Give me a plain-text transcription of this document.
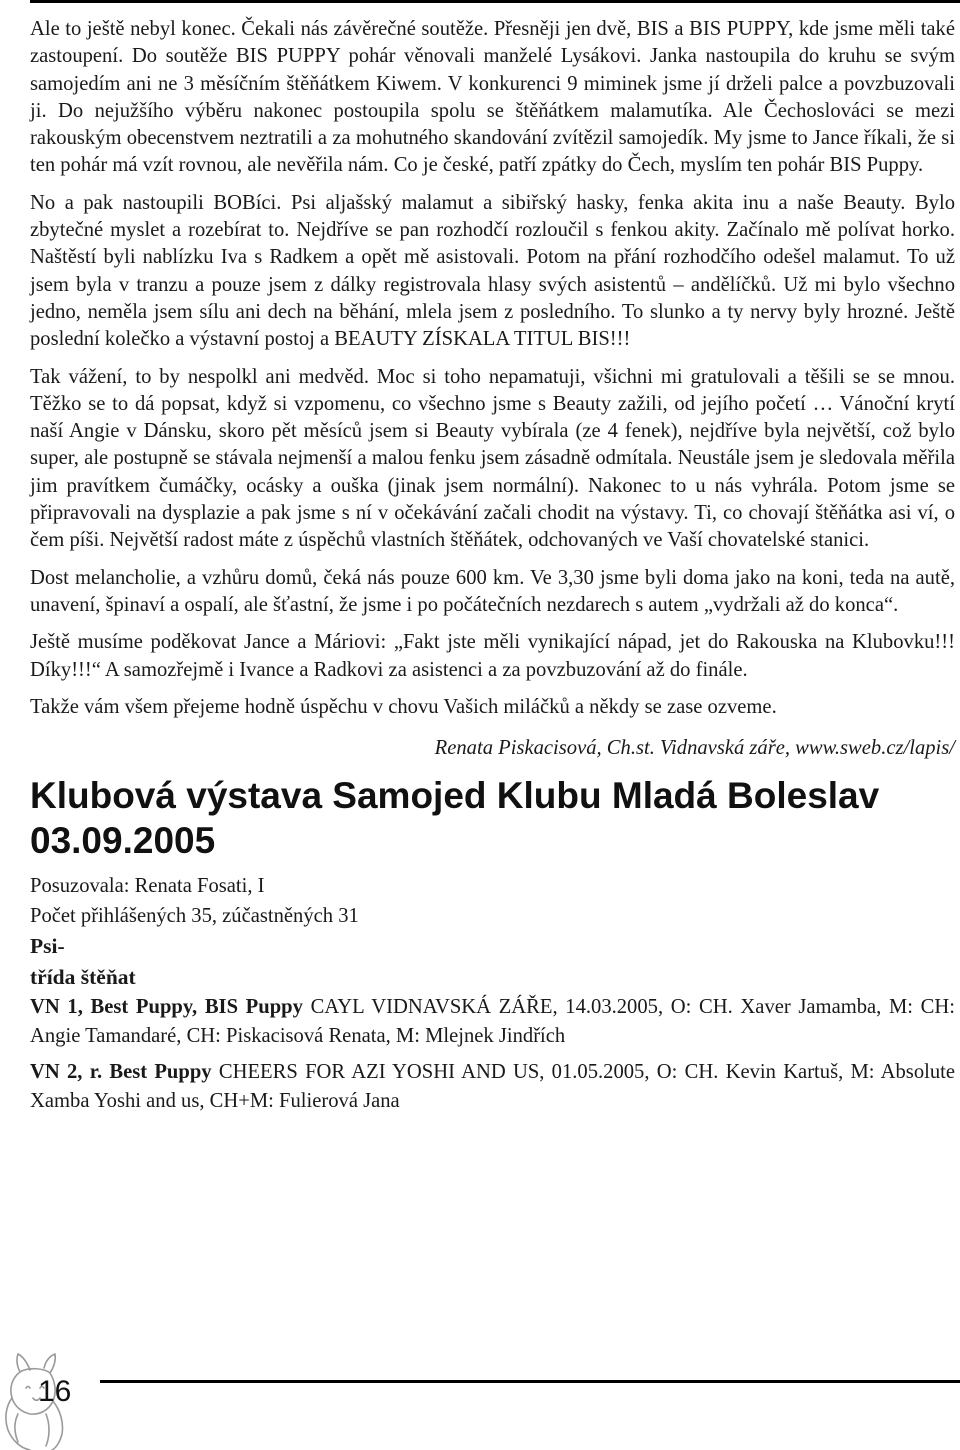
Ale to ještě nebyl konec. Čekali nás závěrečné soutěže. Přesněji jen dvě, BIS a BIS PUPPY, kde jsme měli také zastoupení. Do soutěže BIS PUPPY pohár věnovali manželé Lysákovi. Janka nastoupila do kruhu se svým samojedím ani ne 3 měsíčním štěňátkem Kiwem. V konkurenci 9 miminek jsme jí drželi palce a povzbuzovali ji. Do nejužšího výběru nakonec postoupila spolu se štěňátkem malamutíka. Ale Čechoslováci se mezi rakouským obecenstvem neztratili a za mohutného skandování zvítězil samojedík. My jsme to Jance říkali, že si ten pohár má vzít rovnou, ale nevěřila nám. Co je české, patří zpátky do Čech, myslím ten pohár BIS Puppy.

No a pak nastoupili BOBíci. Psi aljašský malamut a sibiřský hasky, fenka akita inu a naše Beauty. Bylo zbytečné myslet a rozebírat to. Nejdříve se pan rozhodčí rozloučil s fenkou akity. Začínalo mě polívat horko. Naštěstí byli nablízku Iva s Radkem a opět mě asistovali. Potom na přání rozhodčího odešel malamut. To už jsem byla v tranzu a pouze jsem z dálky registrovala hlasy svých asistentů – andělíčků. Už mi bylo všechno jedno, neměla jsem sílu ani dech na běhání, mlela jsem z posledního. To slunko a ty nervy byly hrozné. Ještě poslední kolečko a výstavní postoj a BEAUTY ZÍSKALA TITUL BIS!!!

Tak vážení, to by nespolkl ani medvěd. Moc si toho nepamatuji, všichni mi gratulovali a těšili se se mnou. Těžko se to dá popsat, když si vzpomenu, co všechno jsme s Beauty zažili, od jejího početí … Vánoční krytí naší Angie v Dánsku, skoro pět měsíců jsem si Beauty vybírala (ze 4 fenek), nejdříve byla největší, což bylo super, ale postupně se stávala nejmenší a malou fenku jsem zásadně odmítala. Neustále jsem je sledovala měřila jim pravítkem čumáčky, ocásky a ouška (jinak jsem normální). Nakonec to u nás vyhrála. Potom jsme se připravovali na dysplazie a pak jsme s ní v očekávání začali chodit na výstavy. Ti, co chovají štěňátka asi ví, o čem píši. Největší radost máte z úspěchů vlastních štěňátek, odchovaných ve Vaší chovatelské stanici.

Dost melancholie, a vzhůru domů, čeká nás pouze 600 km. Ve 3,30 jsme byli doma jako na koni, teda na autě, unavení, špinaví a ospalí, ale šťastní, že jsme i po počátečních nezdarech s autem „vydržali až do konca“.

Ještě musíme poděkovat Jance a Máriovi: „Fakt jste měli vynikající nápad, jet do Rakouska na Klubovku!!! Díky!!!“ A samozřejmě i Ivance a Radkovi za asistenci a za povzbuzování až do finále.

Takže vám všem přejeme hodně úspěchu v chovu Vašich miláčků a někdy se zase ozveme.

Renata Piskacisová, Ch.st. Vidnavská záře, www.sweb.cz/lapis/

Klubová výstava Samojed Klubu Mladá Boleslav 03.09.2005

Posuzovala: Renata Fosati, I

Počet přihlášených 35, zúčastněných 31

Psi-

třída štěňat

VN 1, Best Puppy, BIS Puppy CAYL VIDNAVSKÁ ZÁŘE, 14.03.2005, O: CH. Xaver Jamamba, M: CH: Angie Tamandaré, CH: Piskacisová Renata, M: Mlejnek Jindřích

VN 2, r. Best Puppy CHEERS FOR AZI YOSHI AND US, 01.05.2005, O: CH. Kevin Kartuš, M: Absolute Xamba Yoshi and us, CH+M: Fulierová Jana

16
